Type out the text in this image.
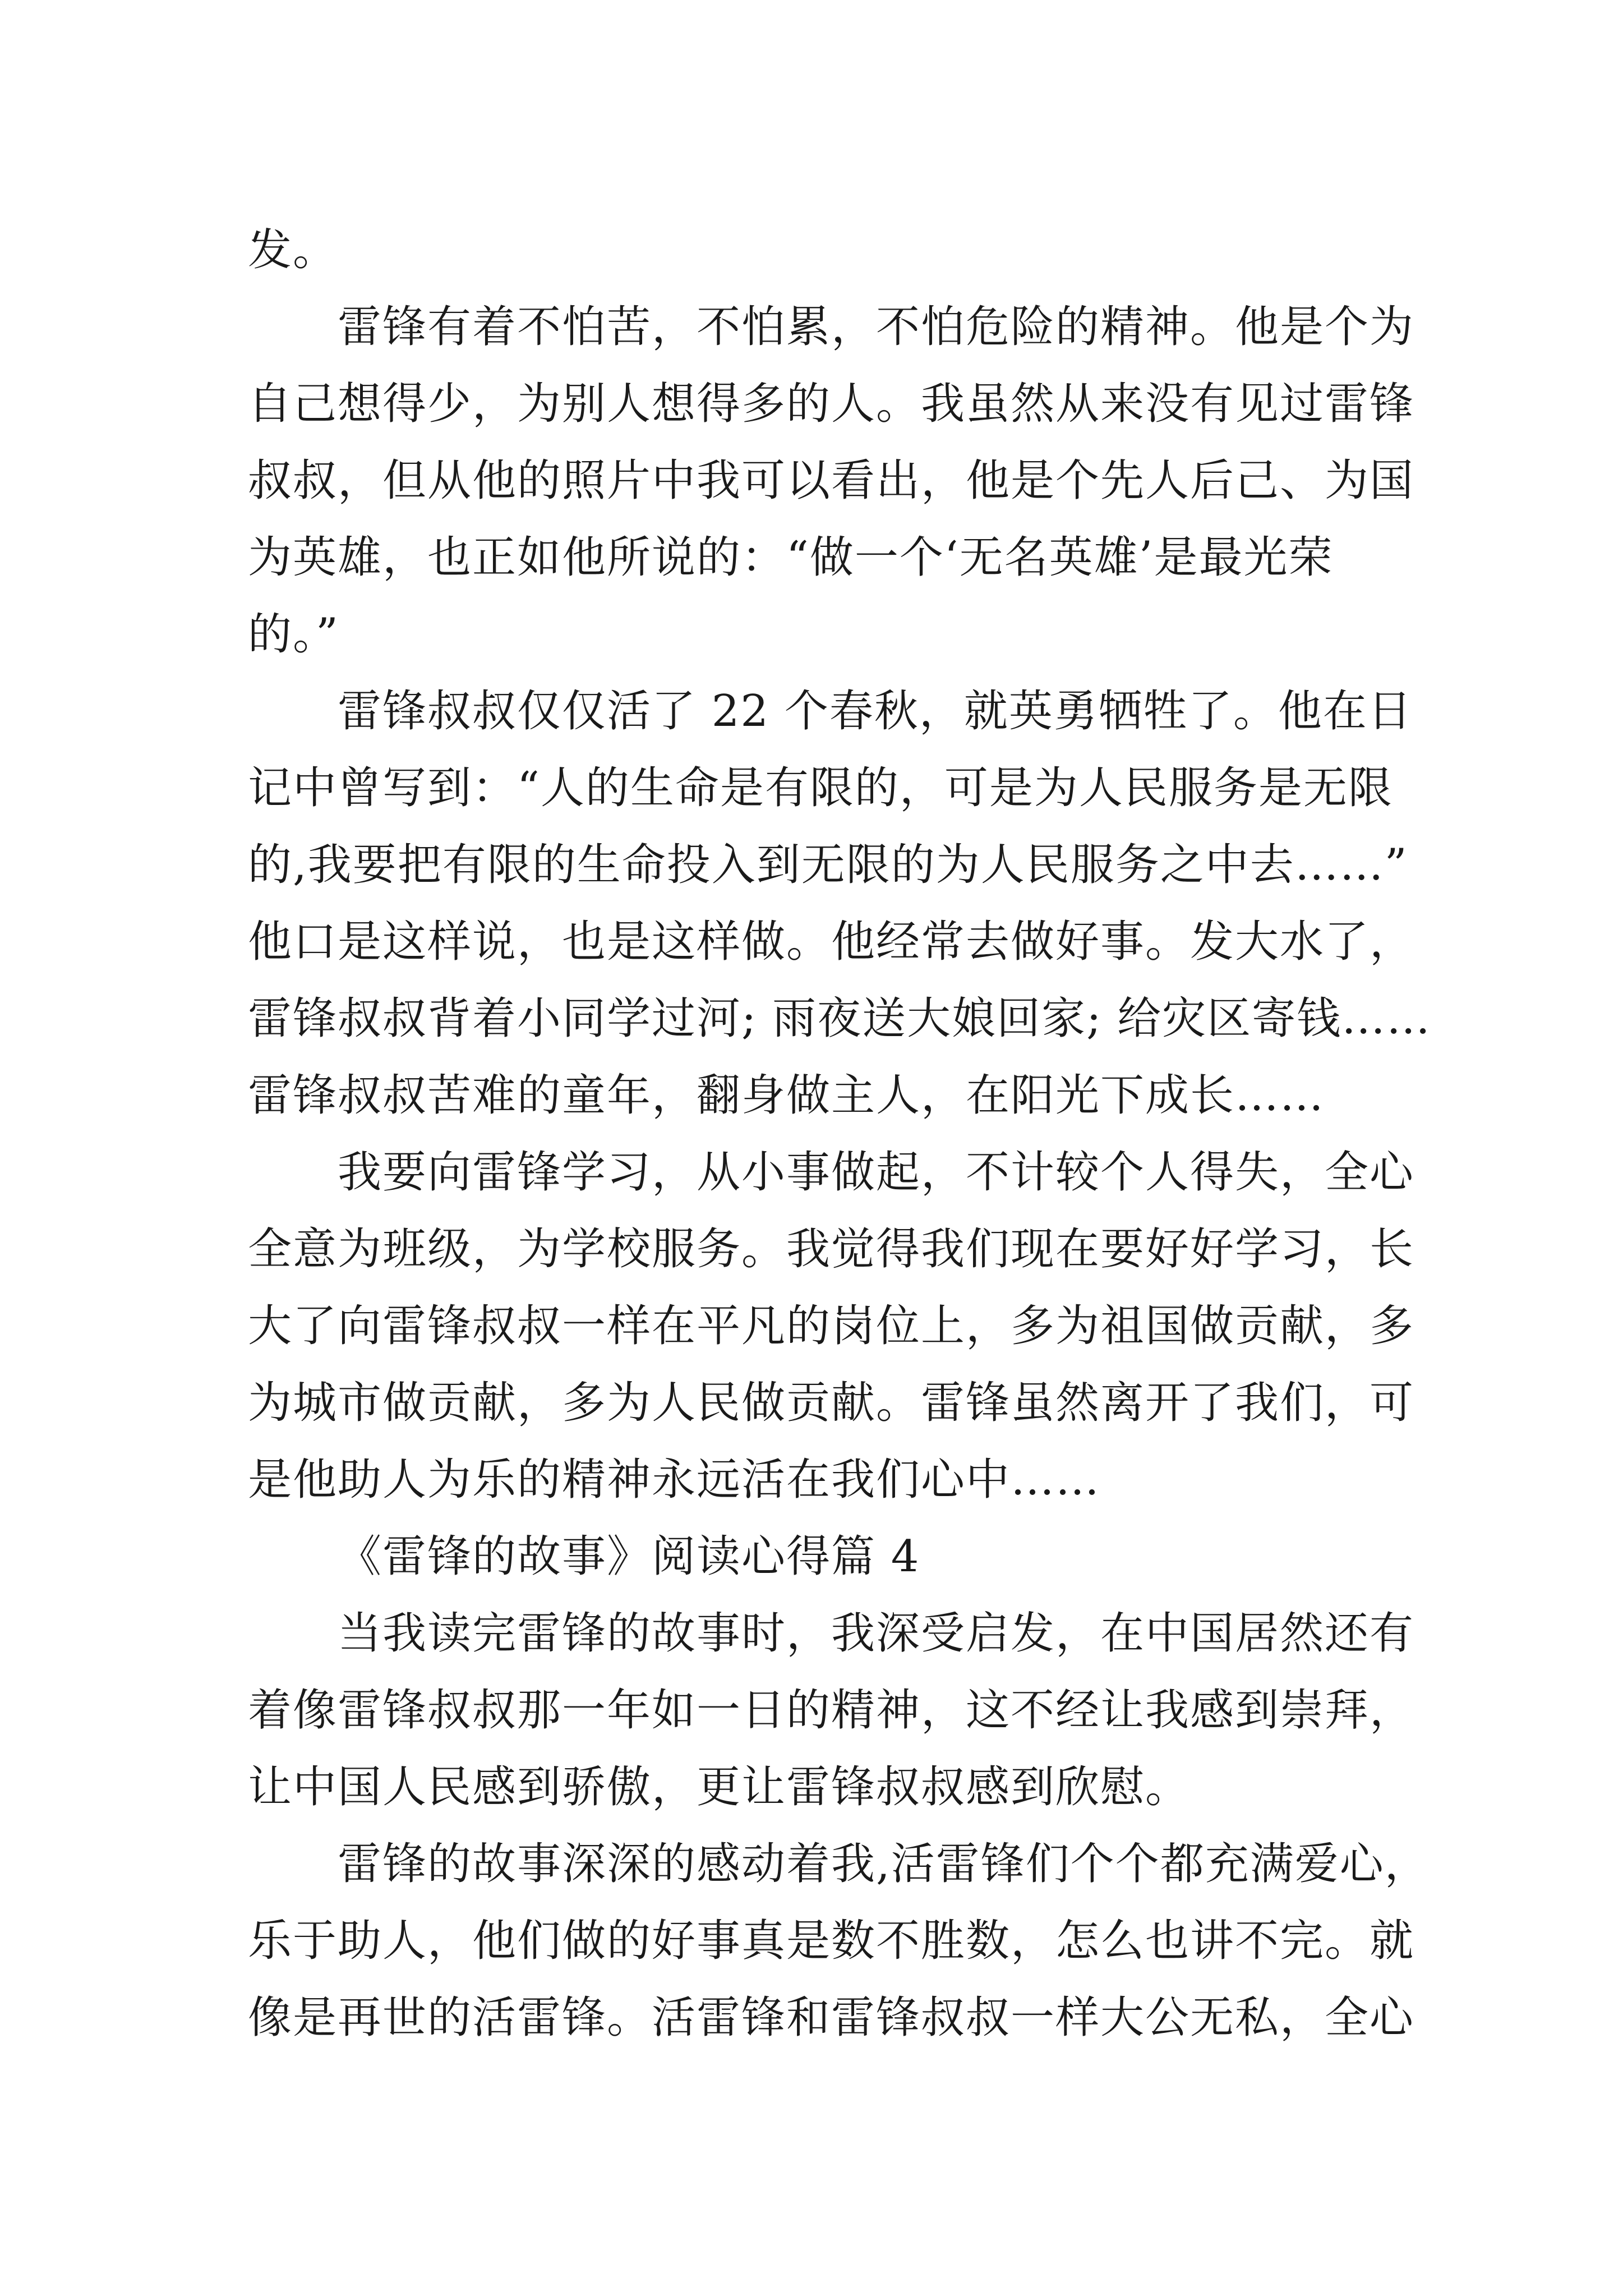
发。
雷锋有着不怕苦，不怕累，不怕危险的精神。他是个为
自己想得少，为别人想得多的人。我虽然从来没有见过雷锋
叔叔，但从他的照片中我可以看出，他是个先人后己、为国
为英雄，也正如他所说的：“做一个‘无名英雄’是最光荣
的。”
雷锋叔叔仅仅活了 22 个春秋，就英勇牺牲了。他在日
记中曾写到：“人的生命是有限的，可是为人民服务是无限
的,我要把有限的生命投入到无限的为人民服务之中去……”
他口是这样说，也是这样做。他经常去做好事。发大水了，
雷锋叔叔背着小同学过河; 雨夜送大娘回家; 给灾区寄钱……
雷锋叔叔苦难的童年，翻身做主人，在阳光下成长……
我要向雷锋学习，从小事做起，不计较个人得失，全心
全意为班级，为学校服务。我觉得我们现在要好好学习，长
大了向雷锋叔叔一样在平凡的岗位上，多为祖国做贡献，多
为城市做贡献，多为人民做贡献。雷锋虽然离开了我们，可
是他助人为乐的精神永远活在我们心中……
《雷锋的故事》阅读心得篇 4
当我读完雷锋的故事时，我深受启发，在中国居然还有
着像雷锋叔叔那一年如一日的精神，这不经让我感到崇拜，
让中国人民感到骄傲，更让雷锋叔叔感到欣慰。
雷锋的故事深深的感动着我,活雷锋们个个都充满爱心，
乐于助人，他们做的好事真是数不胜数，怎么也讲不完。就
像是再世的活雷锋。活雷锋和雷锋叔叔一样大公无私，全心
